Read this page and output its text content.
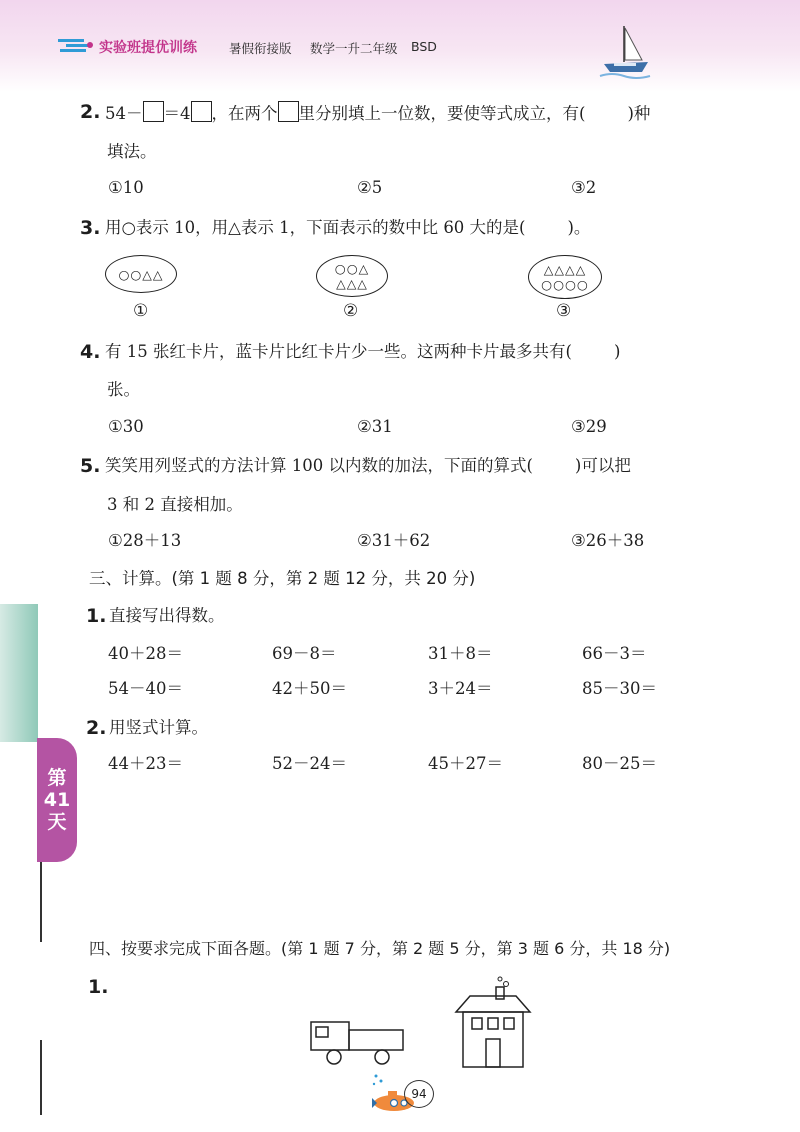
实验班提优训练	暑假衔接版 数学一升二年级 BSD
2. 54－ ＝4 ，在两个 里分别填上一位数，要使等式成立，有(	)种
填法。
①10	②5	③2
3. 用○表示 10，用△表示 1，下面表示的数中比 60 大的是(	)。
○○△△	○○△
△△△
△△△△
○○○○
①	②	③
4. 有 15 张红卡片，蓝卡片比红卡片少一些。这两种卡片最多共有(	)
张。
①30	②31	③29
5. 笑笑用列竖式的方法计算 100 以内数的加法，下面的算式(	)可以把
3 和 2 直接相加。
①28＋13	②31＋62	③26＋38
三、计算。(第 1 题 8 分，第 2 题 12 分，共 20 分)
1. 直接写出得数。
40＋28＝	69－8＝	31＋8＝	66－3＝
54－40＝	42＋50＝	3＋24＝	85－30＝
2. 用竖式计算。
44＋23＝	52－24＝	45＋27＝	80－25＝
第
41
天
四、按要求完成下面各题。(第 1 题 7 分，第 2 题 5 分，第 3 题 6 分，共 18 分)
1.
94
